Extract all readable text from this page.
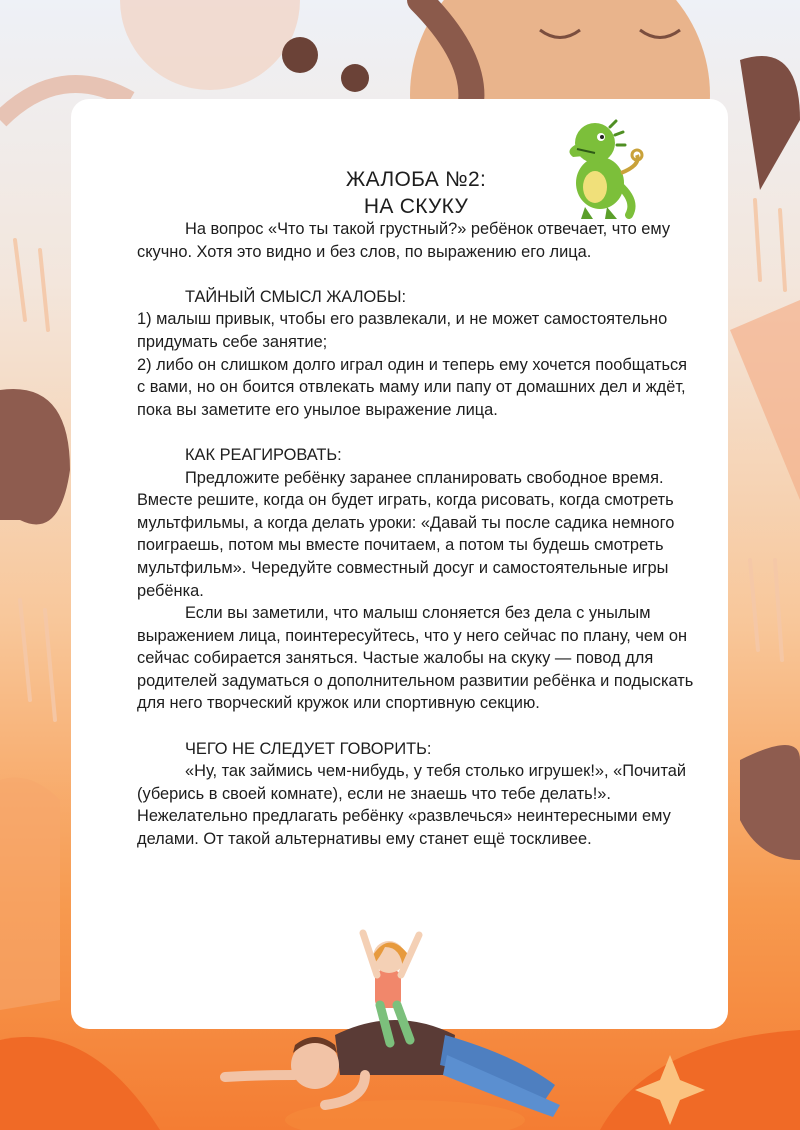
ЖАЛОБА №2:
НА СКУКУ

На вопрос «Что ты такой грустный?» ребёнок отвечает, что ему скучно. Хотя это видно и без слов, по выражению его лица.

ТАЙНЫЙ СМЫСЛ ЖАЛОБЫ:

1) малыш привык, чтобы его развлекали, и не может самостоятельно придумать себе занятие;

2) либо он слишком долго играл один и теперь ему хочется пообщаться с вами, но он боится отвлекать маму или папу от домашних дел и ждёт, пока вы заметите его унылое выражение лица.

КАК РЕАГИРОВАТЬ:

Предложите ребёнку заранее спланировать свободное время. Вместе решите, когда он будет играть, когда рисовать, когда смотреть мультфильмы, а когда делать уроки: «Давай ты после садика немного поиграешь, потом мы вместе почитаем, а потом ты будешь смотреть мультфильм». Чередуйте совместный досуг и самостоятельные игры ребёнка.

Если вы заметили, что малыш слоняется без дела с унылым выражением лица, поинтересуйтесь, что у него сейчас по плану, чем он сейчас собирается заняться. Частые жалобы на скуку — повод для родителей задуматься о дополнительном развитии ребёнка и подыскать для него творческий кружок или спортивную секцию.

ЧЕГО НЕ СЛЕДУЕТ ГОВОРИТЬ:

«Ну, так займись чем-нибудь, у тебя столько игрушек!», «Почитай (уберись в своей комнате), если не знаешь что тебе делать!». Нежелательно предлагать ребёнку «развлечься» неинтересными ему делами. От такой альтернативы ему станет ещё тоскливее.
